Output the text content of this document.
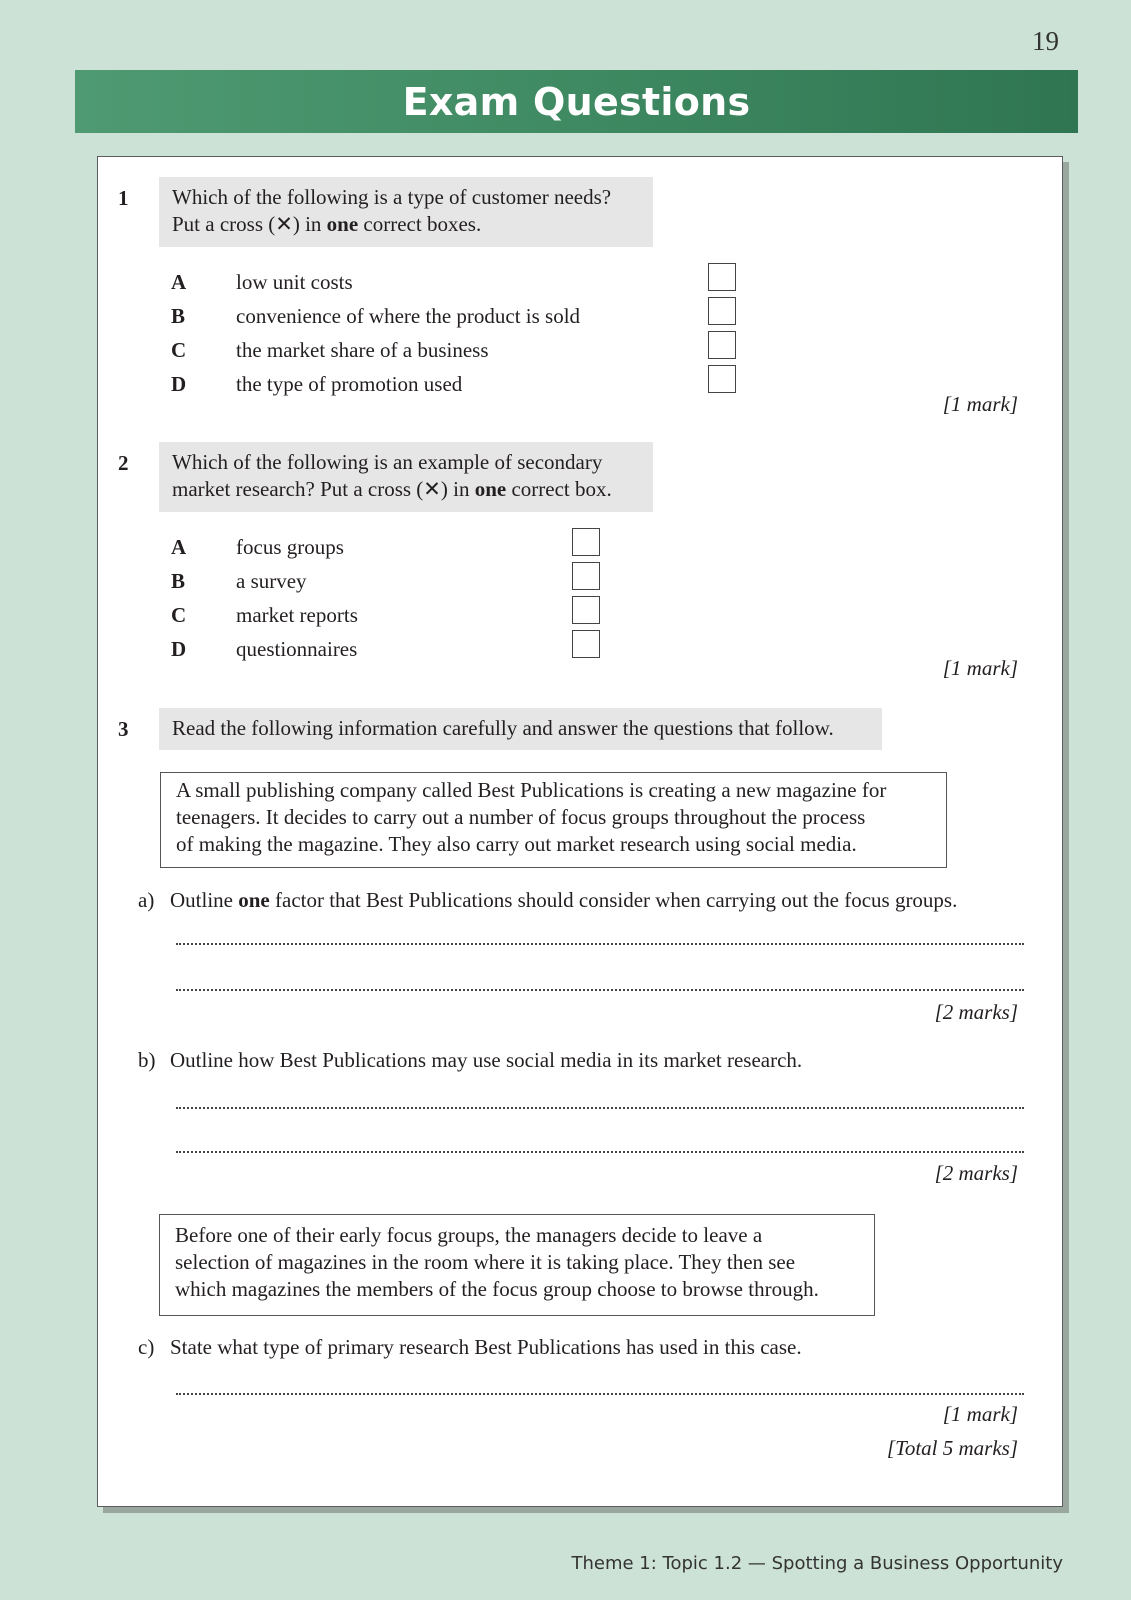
19
Exam Questions
1 Which of the following is a type of customer needs?
Put a cross (✕) in one correct boxes.
A low unit costs
B convenience of where the product is sold
C the market share of a business
D the type of promotion used
[1 mark]
2 Which of the following is an example of secondary
market research? Put a cross (✕) in one correct box.
A focus groups
B a survey
C market reports
D questionnaires
[1 mark]
3	Read the following information carefully and answer the questions that follow.
A small publishing company called Best Publications is creating a new magazine for
teenagers. It decides to carry out a number of focus groups throughout the process
of making the magazine. They also carry out market research using social media.
a) Outline one factor that Best Publications should consider when carrying out the focus groups.
[2 marks]
b) Outline how Best Publications may use social media in its market research.
[2 marks]
Before one of their early focus groups, the managers decide to leave a
selection of magazines in the room where it is taking place. They then see
which magazines the members of the focus group choose to browse through.
c) State what type of primary research Best Publications has used in this case.
[1 mark]
[Total 5 marks]
Theme 1: Topic 1.2 — Spotting a Business Opportunity
